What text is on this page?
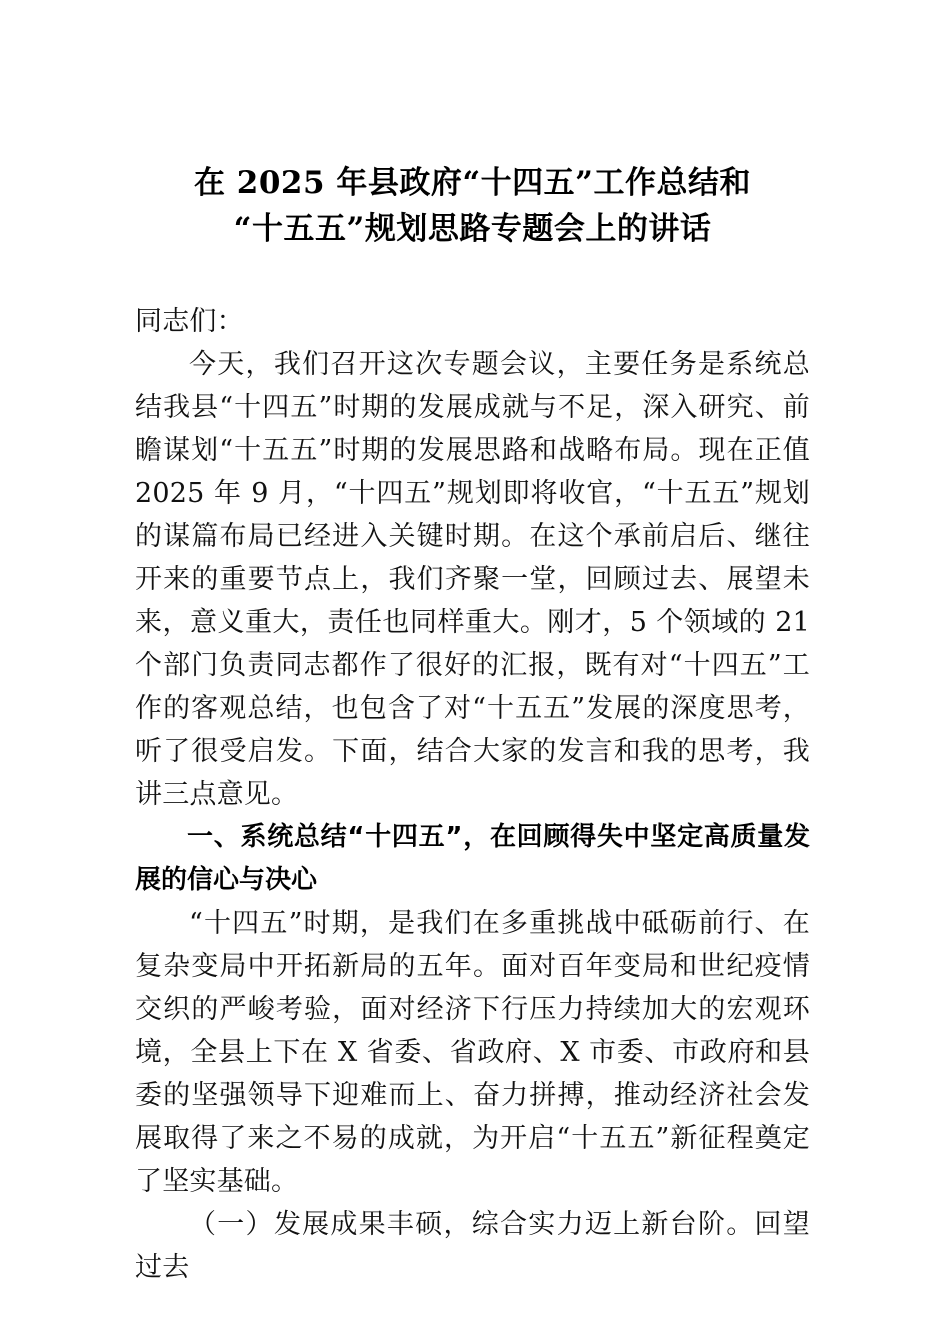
在 2025 年县政府“十四五”工作总结和
“十五五”规划思路专题会上的讲话

同志们：

今天，我们召开这次专题会议，主要任务是系统总结我县“十四五”时期的发展成就与不足，深入研究、前瞻谋划“十五五”时期的发展思路和战略布局。现在正值 2025 年 9 月，“十四五”规划即将收官，“十五五”规划的谋篇布局已经进入关键时期。在这个承前启后、继往开来的重要节点上，我们齐聚一堂，回顾过去、展望未来，意义重大，责任也同样重大。刚才，5 个领域的 21 个部门负责同志都作了很好的汇报，既有对“十四五”工作的客观总结，也包含了对“十五五”发展的深度思考，听了很受启发。下面，结合大家的发言和我的思考，我讲三点意见。

一、系统总结“十四五”，在回顾得失中坚定高质量发展的信心与决心

“十四五”时期，是我们在多重挑战中砥砺前行、在复杂变局中开拓新局的五年。面对百年变局和世纪疫情交织的严峻考验，面对经济下行压力持续加大的宏观环境，全县上下在 X 省委、省政府、X 市委、市政府和县委的坚强领导下迎难而上、奋力拼搏，推动经济社会发展取得了来之不易的成就，为开启“十五五”新征程奠定了坚实基础。

（一）发展成果丰硕，综合实力迈上新台阶。回望过去
